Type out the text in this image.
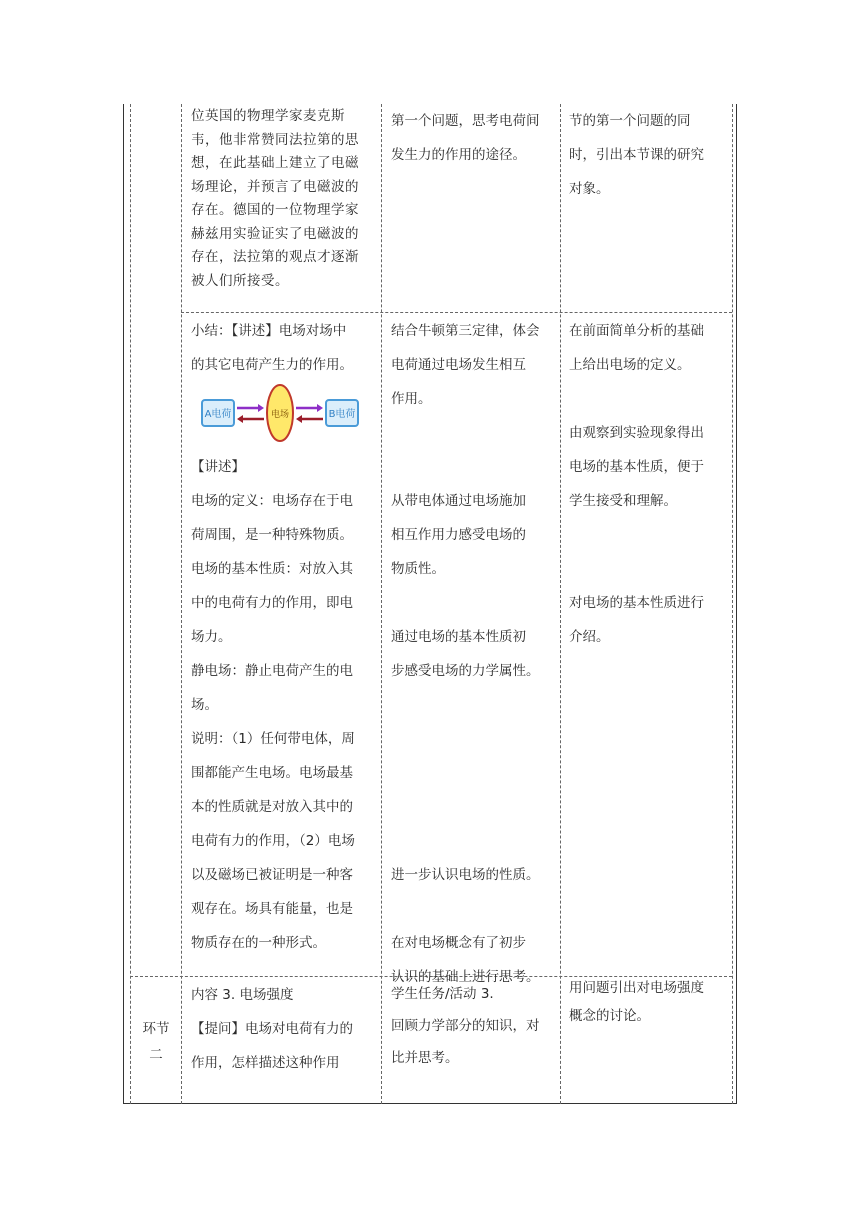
位英国的物理学家麦克斯

韦，他非常赞同法拉第的思

想，在此基础上建立了电磁

场理论，并预言了电磁波的

存在。德国的一位物理学家

赫兹用实验证实了电磁波的

存在，法拉第的观点才逐渐

被人们所接受。

第一个问题，思考电荷间

发生力的作用的途径。

节的第一个问题的同

时，引出本节课的研究

对象。

小结：【讲述】电场对场中

的其它电荷产生力的作用。

A电荷	电场	B电荷

【讲述】

电场的定义：电场存在于电

荷周围，是一种特殊物质。

电场的基本性质：对放入其

中的电荷有力的作用，即电

场力。

静电场：静止电荷产生的电

场。

说明：（1）任何带电体，周

围都能产生电场。电场最基

本的性质就是对放入其中的

电荷有力的作用，（2）电场

以及磁场已被证明是一种客

观存在。场具有能量，也是

物质存在的一种形式。

结合牛顿第三定律，体会

电荷通过电场发生相互

作用。

从带电体通过电场施加

相互作用力感受电场的

物质性。

通过电场的基本性质初

步感受电场的力学属性。

进一步认识电场的性质。

在对电场概念有了初步

认识的基础上进行思考。

在前面简单分析的基础

上给出电场的定义。

由观察到实验现象得出

电场的基本性质，便于

学生接受和理解。

对电场的基本性质进行

介绍。

环节

二

内容 3. 电场强度

【提问】电场对电荷有力的

作用，怎样描述这种作用

学生任务/活动 3.

回顾力学部分的知识，对

比并思考。

用问题引出对电场强度

概念的讨论。
